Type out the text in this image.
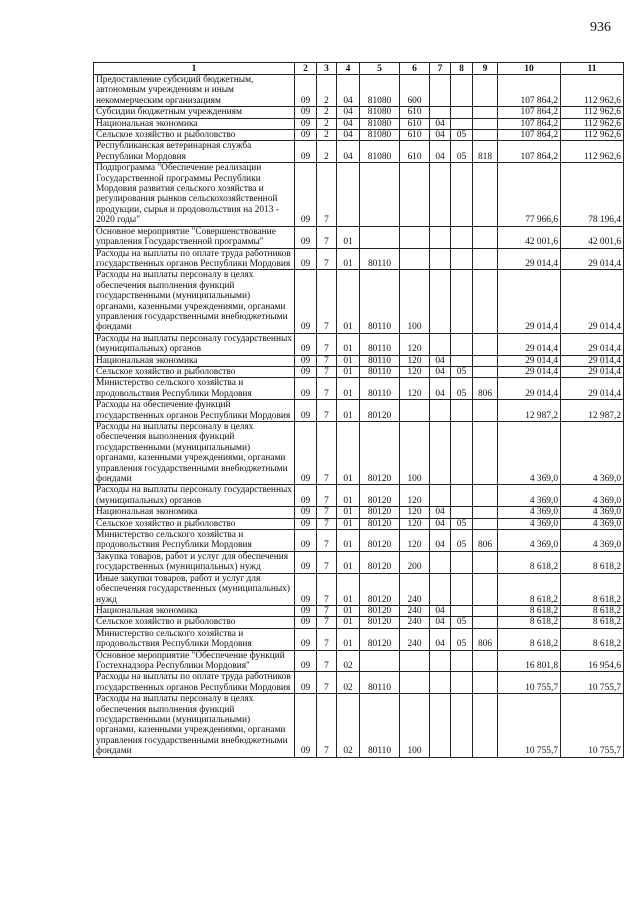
936
1	2	3	4	5	6	7	8	9	10	11
Предоставление субсидий бюджетным, автономным учреждениям и иным некоммерческим организациям	09	2	04	81080	600				107 864,2	112 962,6
Субсидии бюджетным учреждениям	09	2	04	81080	610				107 864,2	112 962,6
Национальная экономика	09	2	04	81080	610	04			107 864,2	112 962,6
Сельское хозяйство и рыболовство	09	2	04	81080	610	04	05		107 864,2	112 962,6
Республиканская ветеринарная служба Республики Мордовия	09	2	04	81080	610	04	05	818	107 864,2	112 962,6
Подпрограмма "Обеспечение реализации Государственной программы Республики Мордовия развития сельского хозяйства и регулирования рынков сельскохозяйственной продукции, сырья и продовольствия на 2013 - 2020 годы"	09	7							77 966,6	78 196,4
Основное мероприятие "Совершенствование управления Государственной программы"	09	7	01						42 001,6	42 001,6
Расходы на выплаты по оплате труда работников государственных органов Республики Мордовия	09	7	01	80110					29 014,4	29 014,4
Расходы на выплаты персоналу в целях обеспечения выполнения функций государственными (муниципальными) органами, казенными учреждениями, органами управления государственными внебюджетными фондами	09	7	01	80110	100				29 014,4	29 014,4
Расходы на выплаты персоналу государственных (муниципальных) органов	09	7	01	80110	120				29 014,4	29 014,4
Национальная экономика	09	7	01	80110	120	04			29 014,4	29 014,4
Сельское хозяйство и рыболовство	09	7	01	80110	120	04	05		29 014,4	29 014,4
Министерство сельского хозяйства и продовольствия Республики Мордовия	09	7	01	80110	120	04	05	806	29 014,4	29 014,4
Расходы на обеспечение функций государственных органов Республики Мордовия	09	7	01	80120					12 987,2	12 987,2
Расходы на выплаты персоналу в целях обеспечения выполнения функций государственными (муниципальными) органами, казенными учреждениями, органами управления государственными внебюджетными фондами	09	7	01	80120	100				4 369,0	4 369,0
Расходы на выплаты персоналу государственных (муниципальных) органов	09	7	01	80120	120				4 369,0	4 369,0
Национальная экономика	09	7	01	80120	120	04			4 369,0	4 369,0
Сельское хозяйство и рыболовство	09	7	01	80120	120	04	05		4 369,0	4 369,0
Министерство сельского хозяйства и продовольствия Республики Мордовия	09	7	01	80120	120	04	05	806	4 369,0	4 369,0
Закупка товаров, работ и услуг для обеспечения государственных (муниципальных) нужд	09	7	01	80120	200				8 618,2	8 618,2
Иные закупки товаров, работ и услуг для обеспечения государственных (муниципальных) нужд	09	7	01	80120	240				8 618,2	8 618,2
Национальная экономика	09	7	01	80120	240	04			8 618,2	8 618,2
Сельское хозяйство и рыболовство	09	7	01	80120	240	04	05		8 618,2	8 618,2
Министерство сельского хозяйства и продовольствия Республики Мордовия	09	7	01	80120	240	04	05	806	8 618,2	8 618,2
Основное мероприятие "Обеспечение функций Гостехнадзора Республики Мордовия"	09	7	02						16 801,8	16 954,6
Расходы на выплаты по оплате труда работников государственных органов Республики Мордовия	09	7	02	80110					10 755,7	10 755,7
Расходы на выплаты персоналу в целях обеспечения выполнения функций государственными (муниципальными) органами, казенными учреждениями, органами управления государственными внебюджетными фондами	09	7	02	80110	100				10 755,7	10 755,7
